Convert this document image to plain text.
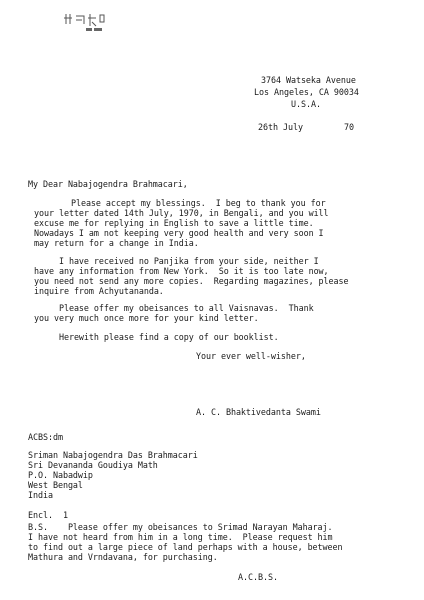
3764 Watseka Avenue
Los Angeles, CA 90034
U.S.A.
26th July	70
My Dear Nabajogendra Brahmacari,
Please accept my blessings.  I beg to thank you for
your letter dated 14th July, 1970, in Bengali, and you will
excuse me for replying in English to save a little time.
Nowadays I am not keeping very good health and very soon I
may return for a change in India.
I have received no Panjika from your side, neither I
have any information from New York.  So it is too late now,
you need not send any more copies.  Regarding magazines, please
inquire from Achyutananda.
Please offer my obeisances to all Vaisnavas.  Thank
you very much once more for your kind letter.
Herewith please find a copy of our booklist.
Your ever well-wisher,
A. C. Bhaktivedanta Swami
ACBS:dm
Sriman Nabajogendra Das Brahmacari
Sri Devananda Goudiya Math
P.O. Nabadwip
West Bengal
India
Encl.  1
B.S.    Please offer my obeisances to Srimad Narayan Maharaj.
I have not heard from him in a long time.  Please request him
to find out a large piece of land perhaps with a house, between
Mathura and Vrndavana, for purchasing.
A.C.B.S.
